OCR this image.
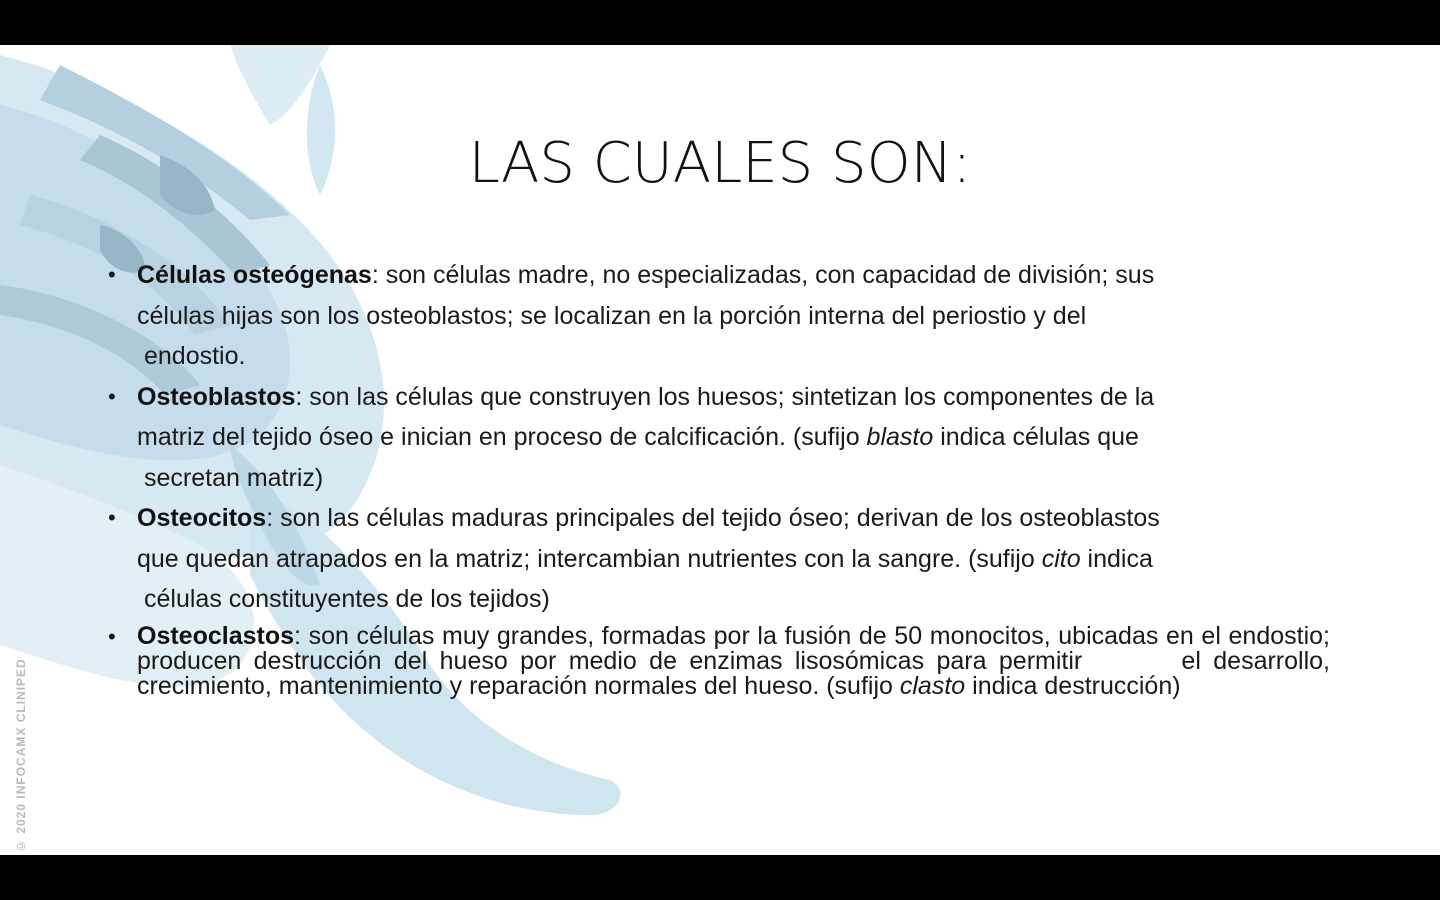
© 2020 INFOCAMX CLINIPED
LAS CUALES SON:
• Células osteógenas: son células madre, no especializadas, con capacidad de división; sus
células hijas son los osteoblastos; se localizan en la porción interna del periostio y del
endostio.
• Osteoblastos: son las células que construyen los huesos; sintetizan los componentes de la
matriz del tejido óseo e inician en proceso de calcificación. (sufijo blasto indica células que
secretan matriz)
• Osteocitos: son las células maduras principales del tejido óseo; derivan de los osteoblastos
que quedan atrapados en la matriz; intercambian nutrientes con la sangre. (sufijo cito indica
células constituyentes de los tejidos)
• Osteoclastos: son células muy grandes, formadas por la fusión de 50 monocitos, ubicadas en el endostio; producen destrucción del hueso por medio de enzimas lisosómicas para permitir        el desarrollo, crecimiento, mantenimiento y reparación normales del hueso. (sufijo clasto indica destrucción)
